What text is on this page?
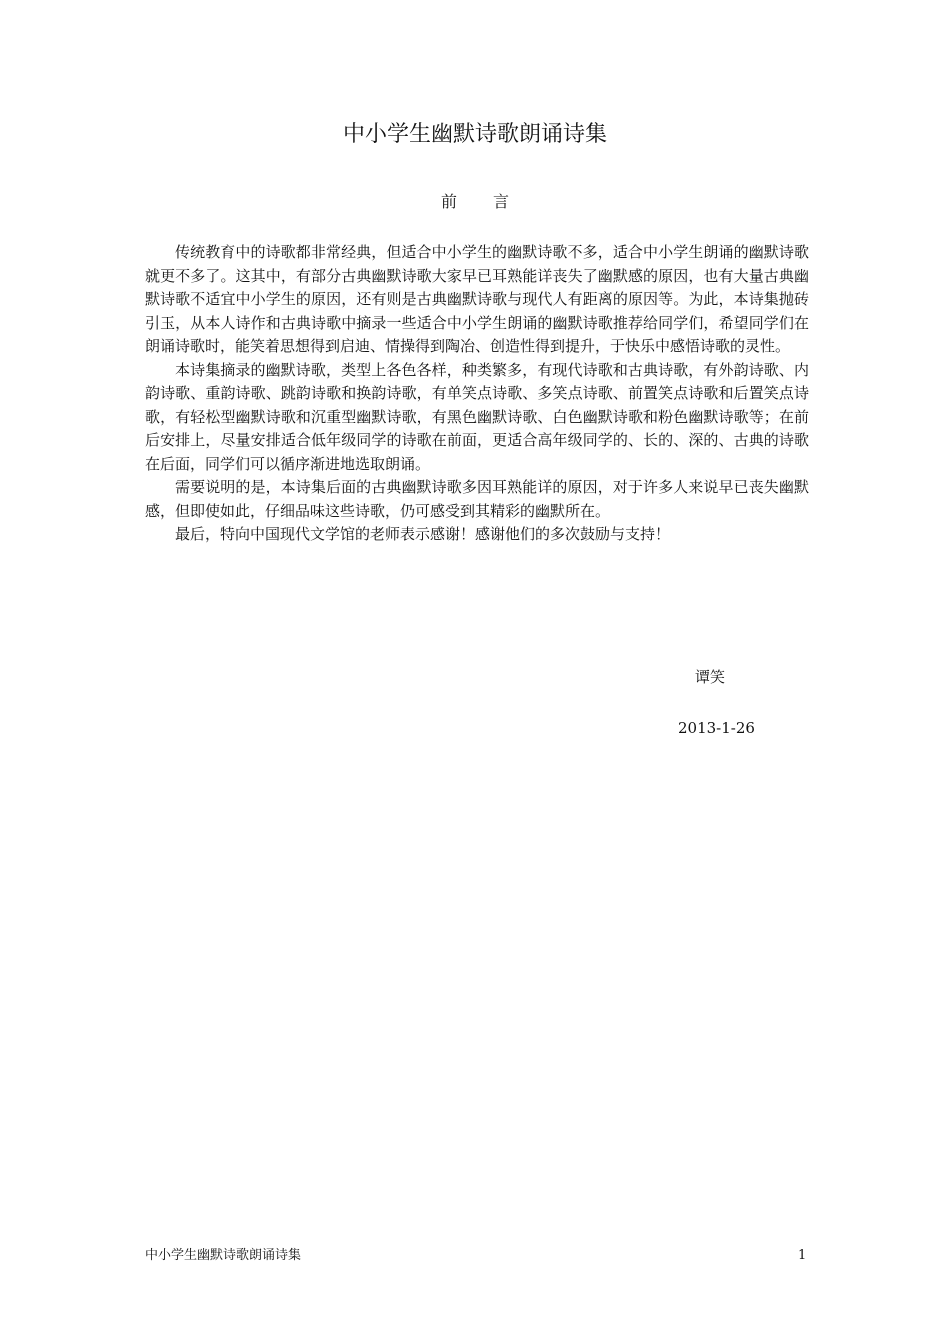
中小学生幽默诗歌朗诵诗集
前 言

传统教育中的诗歌都非常经典，但适合中小学生的幽默诗歌不多，适合中小学生朗诵的幽默诗歌就更不多了。这其中，有部分古典幽默诗歌大家早已耳熟能详丧失了幽默感的原因，也有大量古典幽默诗歌不适宜中小学生的原因，还有则是古典幽默诗歌与现代人有距离的原因等。为此，本诗集抛砖引玉，从本人诗作和古典诗歌中摘录一些适合中小学生朗诵的幽默诗歌推荐给同学们，希望同学们在朗诵诗歌时，能笑着思想得到启迪、情操得到陶冶、创造性得到提升，于快乐中感悟诗歌的灵性。

本诗集摘录的幽默诗歌，类型上各色各样，种类繁多，有现代诗歌和古典诗歌，有外韵诗歌、内韵诗歌、重韵诗歌、跳韵诗歌和换韵诗歌，有单笑点诗歌、多笑点诗歌、前置笑点诗歌和后置笑点诗歌，有轻松型幽默诗歌和沉重型幽默诗歌，有黑色幽默诗歌、白色幽默诗歌和粉色幽默诗歌等；在前后安排上，尽量安排适合低年级同学的诗歌在前面，更适合高年级同学的、长的、深的、古典的诗歌在后面，同学们可以循序渐进地选取朗诵。

需要说明的是，本诗集后面的古典幽默诗歌多因耳熟能详的原因，对于许多人来说早已丧失幽默感，但即使如此，仔细品味这些诗歌，仍可感受到其精彩的幽默所在。

最后，特向中国现代文学馆的老师表示感谢！感谢他们的多次鼓励与支持！

谭笑
2013-1-26
中小学生幽默诗歌朗诵诗集	1
